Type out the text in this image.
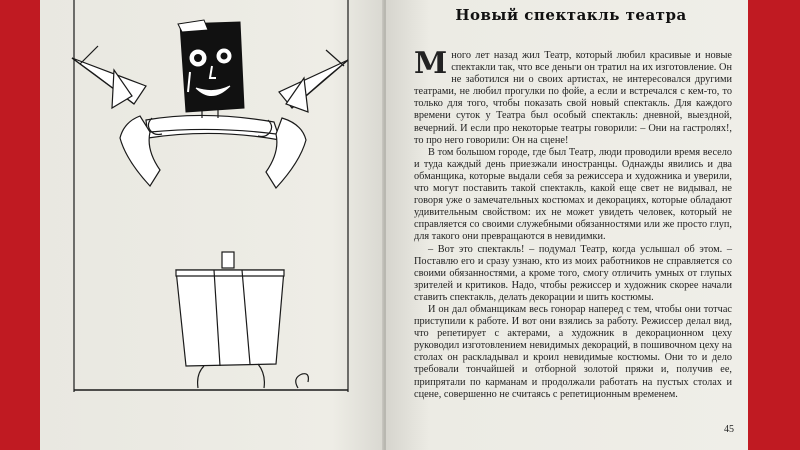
Новый спектакль театра

Много лет назад жил Театр, который любил красивые и новые спектакли так, что все деньги он тратил на их изготовление. Он не заботился ни о своих артистах, не интересовался другими театрами, не любил прогулки по фойе, а если и встречался с кем-то, то только для того, чтобы показать свой новый спектакль. Для каждого времени суток у Театра был особый спектакль: дневной, выездной, вечерний. И если про некоторые театры говорили: – Они на гастролях!, то про него говорили: Он на сцене!

В том большом городе, где был Театр, люди проводили время весело и туда каждый день приезжали иностранцы. Однажды явились и два обманщика, которые выдали себя за режиссера и художника и уверили, что могут поставить такой спектакль, какой еще свет не видывал, не говоря уже о замечательных костюмах и декорациях, которые обладают удивительным свойством: их не может увидеть человек, который не справляется со своими служебными обязанностями или же просто глуп, для такого они превращаются в невидимки.

– Вот это спектакль! – подумал Театр, когда услышал об этом. – Поставлю его и сразу узнаю, кто из моих работников не справляется со своими обязанностями, а кроме того, смогу отличить умных от глупых зрителей и критиков. Надо, чтобы режиссер и художник скорее начали ставить спектакль, делать декорации и шить костюмы.

И он дал обманщикам весь гонорар наперед с тем, чтобы они тотчас приступили к работе. И вот они взялись за работу. Режиссер делал вид, что репетирует с актерами, а художник в декорационном цеху руководил изготовлением невидимых декораций, в пошивочном цеху на столах он раскладывал и кроил невидимые костюмы. Они то и дело требовали тончайшей и отборной золотой пряжи и, получив ее, припрятали по карманам и продолжали работать на пустых столах и сцене, совершенно не считаясь с репетиционным временем.

45
